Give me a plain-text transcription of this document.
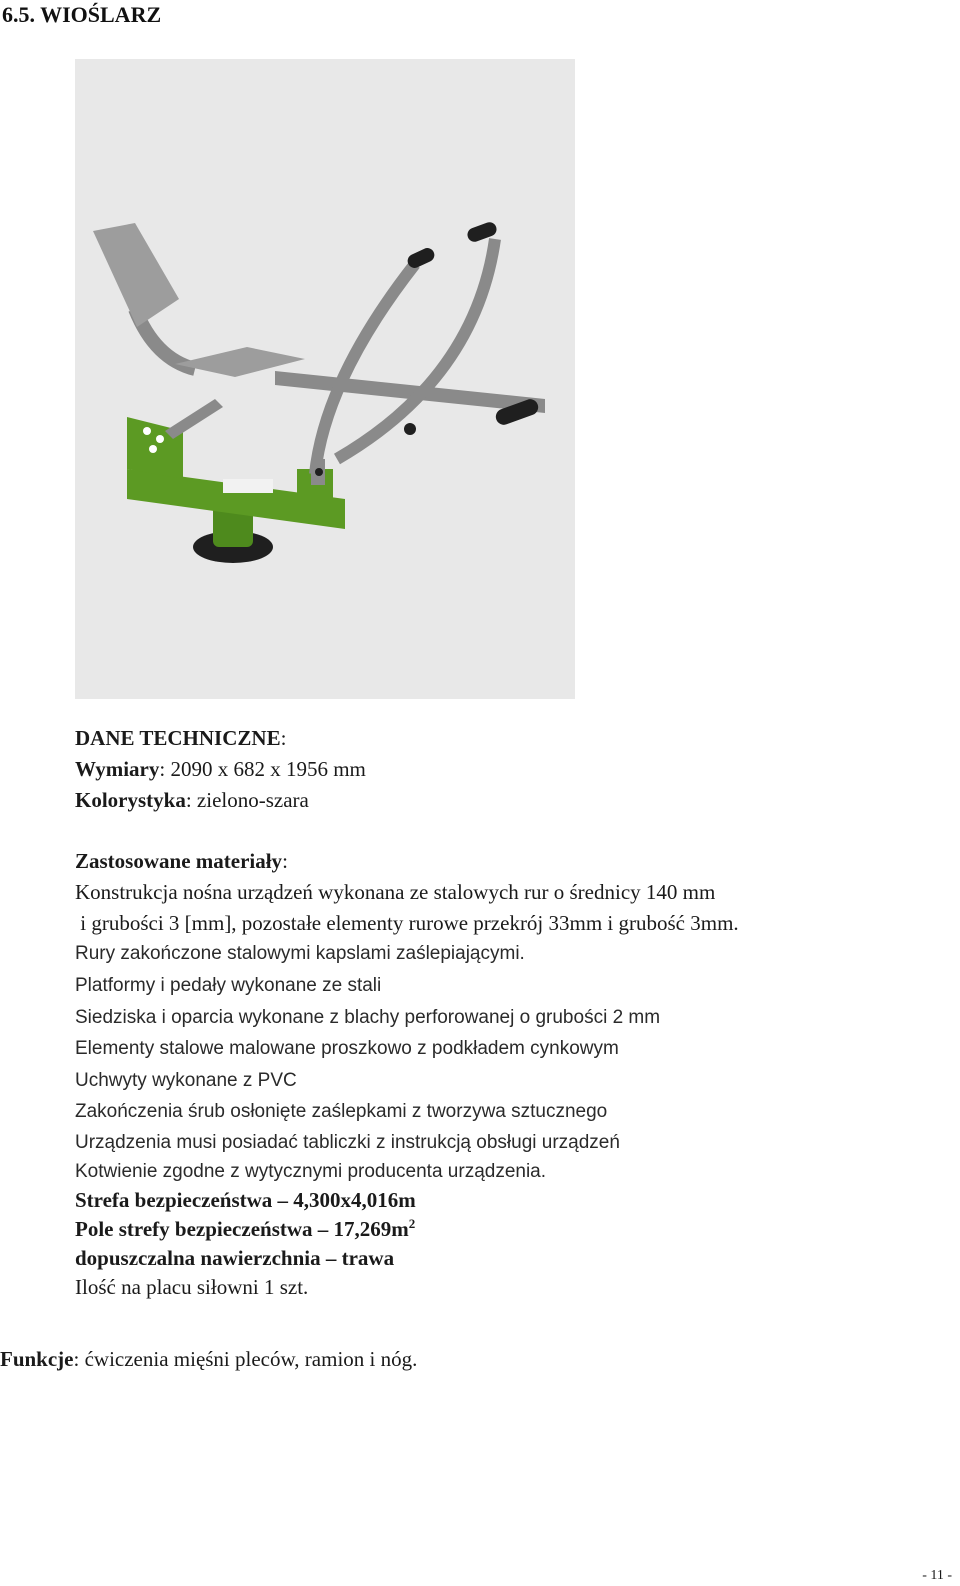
6.5. WIOŚLARZ
DANE TECHNICZNE:
Wymiary: 2090 x 682 x 1956 mm
Kolorystyka: zielono-szara
Zastosowane materiały:
Konstrukcja nośna urządzeń wykonana ze stalowych rur o średnicy 140 mm
i grubości 3 [mm], pozostałe elementy rurowe przekrój 33mm i grubość 3mm.
Rury zakończone stalowymi kapslami zaślepiającymi.
Platformy i pedały wykonane ze stali
Siedziska i oparcia wykonane z blachy perforowanej o grubości 2 mm
Elementy stalowe malowane proszkowo z podkładem cynkowym
Uchwyty wykonane z PVC
Zakończenia śrub osłonięte zaślepkami z tworzywa sztucznego
Urządzenia musi posiadać tabliczki z instrukcją obsługi urządzeń
Kotwienie zgodne z wytycznymi producenta urządzenia.
Strefa bezpieczeństwa – 4,300x4,016m
Pole strefy bezpieczeństwa – $17,269m^2$
dopuszczalna nawierzchnia – trawa
Ilość na placu siłowni 1 szt.
Funkcje: ćwiczenia mięśni pleców, ramion i nóg.
- 11 -
